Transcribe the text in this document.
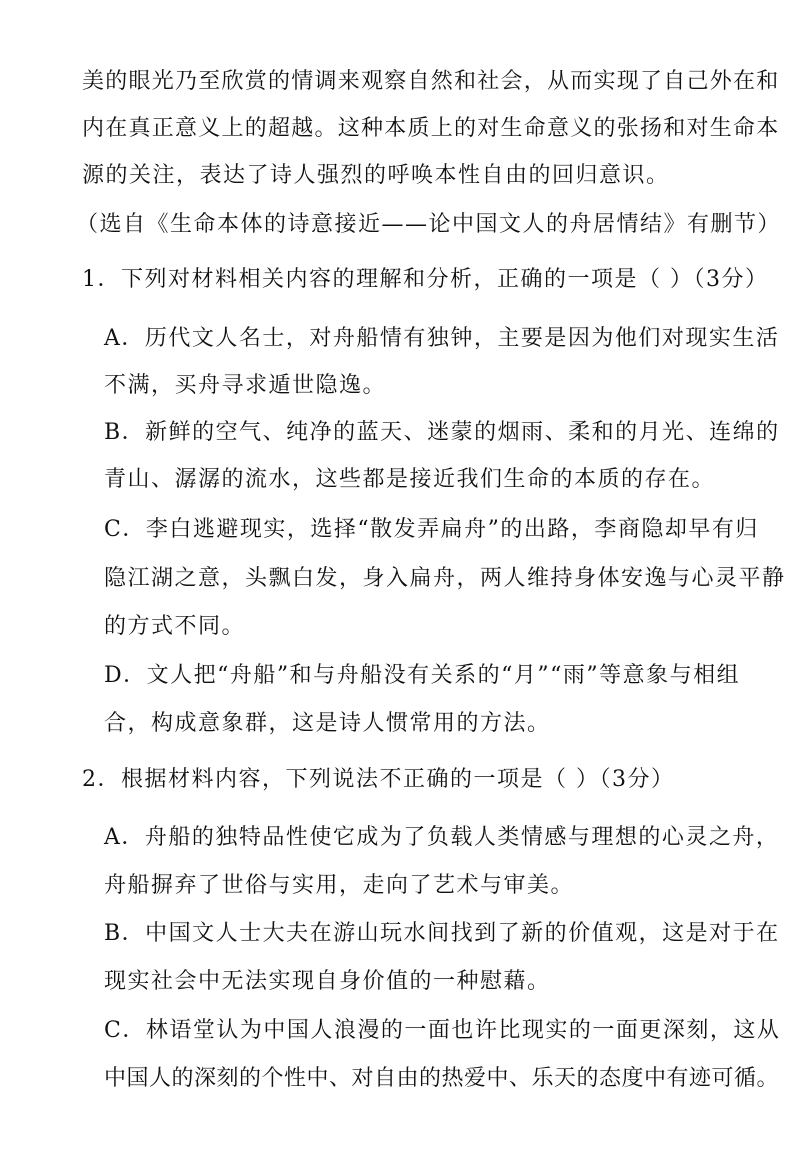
美的眼光乃至欣赏的情调来观察自然和社会，从而实现了自己外在和
内在真正意义上的超越。这种本质上的对生命意义的张扬和对生命本
源的关注，表达了诗人强烈的呼唤本性自由的回归意识。
（选自《生命本体的诗意接近——论中国文人的舟居情结》有删节）
1．下列对材料相关内容的理解和分析，正确的一项是（ ）（3分）
A．历代文人名士，对舟船情有独钟，主要是因为他们对现实生活
不满，买舟寻求遁世隐逸。
B．新鲜的空气、纯净的蓝天、迷蒙的烟雨、柔和的月光、连绵的
青山、潺潺的流水，这些都是接近我们生命的本质的存在。
C．李白逃避现实，选择“散发弄扁舟”的出路，李商隐却早有归
隐江湖之意，头飘白发，身入扁舟，两人维持身体安逸与心灵平静
的方式不同。
D．文人把“舟船”和与舟船没有关系的“月”“雨”等意象与相组
合，构成意象群，这是诗人惯常用的方法。
2．根据材料内容，下列说法不正确的一项是（ ）（3分）
A．舟船的独特品性使它成为了负载人类情感与理想的心灵之舟，
舟船摒弃了世俗与实用，走向了艺术与审美。
B．中国文人士大夫在游山玩水间找到了新的价值观，这是对于在
现实社会中无法实现自身价值的一种慰藉。
C．林语堂认为中国人浪漫的一面也许比现实的一面更深刻，这从
中国人的深刻的个性中、对自由的热爱中、乐天的态度中有迹可循。
